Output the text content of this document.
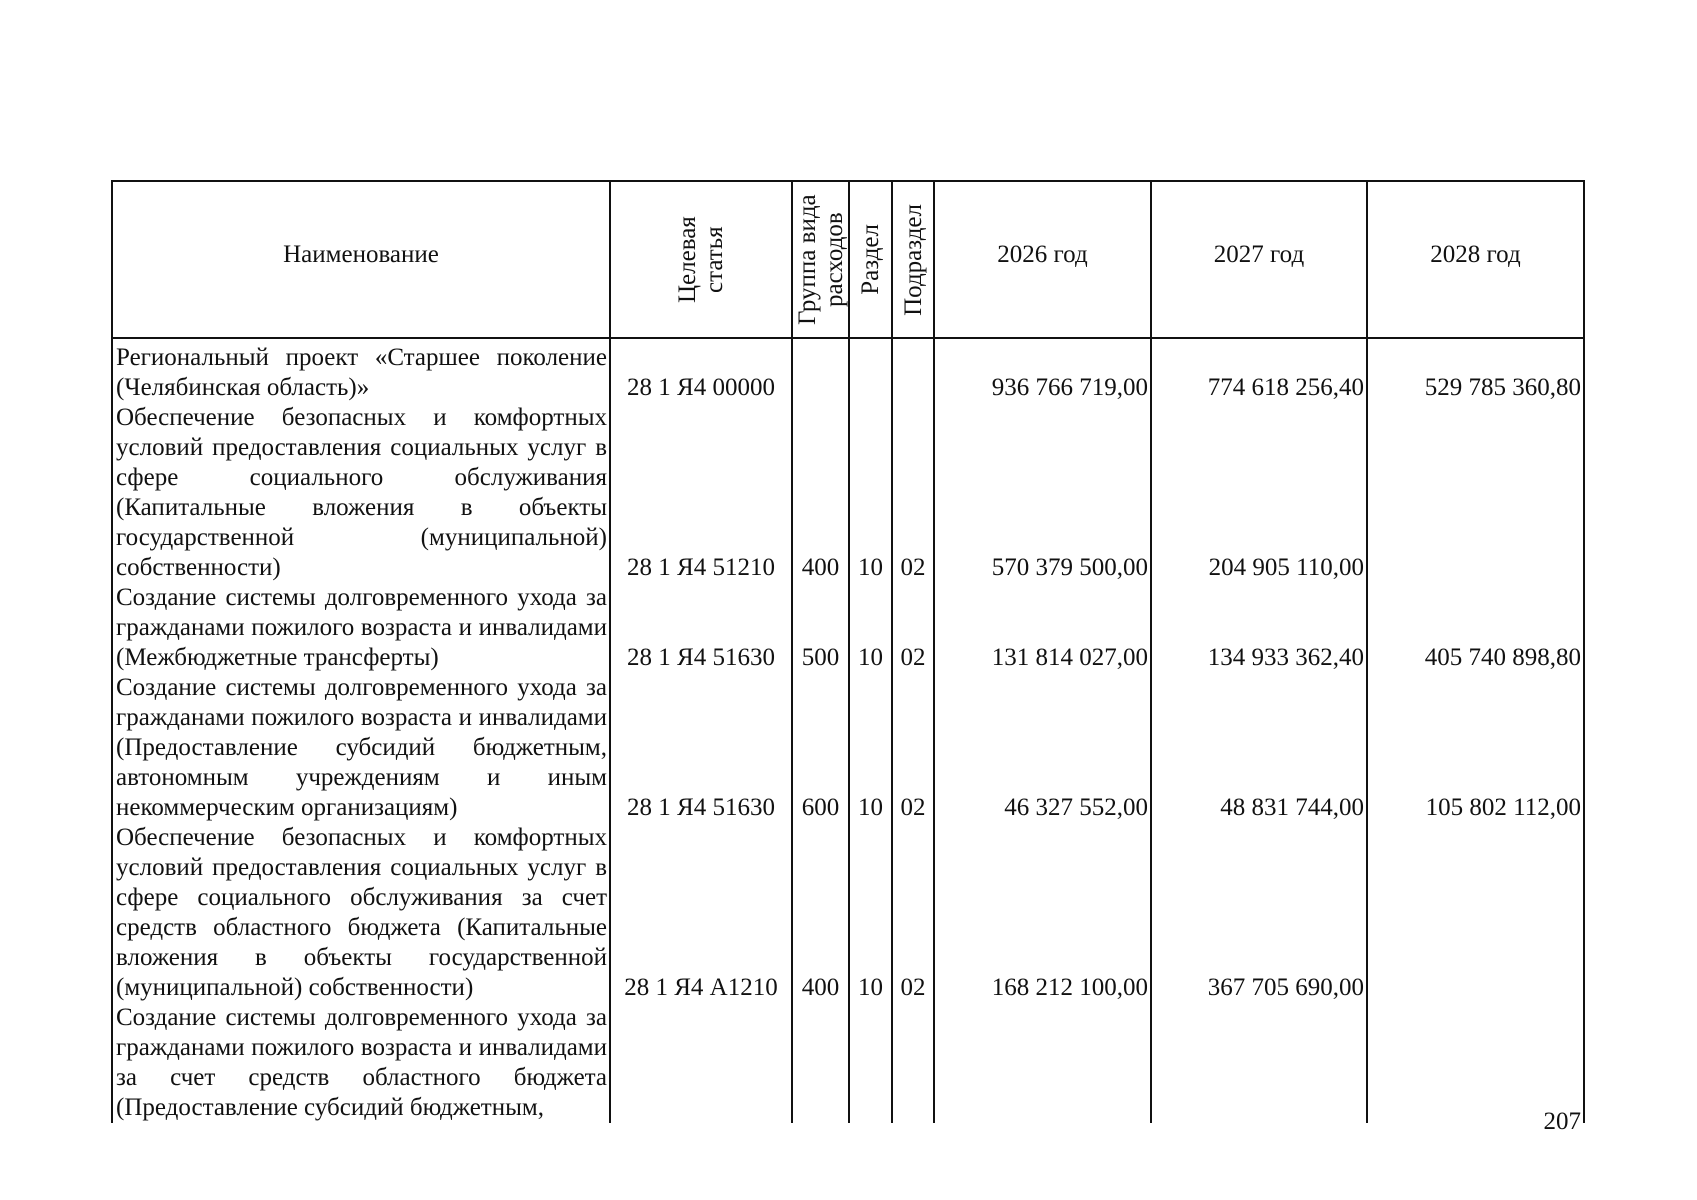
Наименование	Целевая статья	Группа вида расходов	Раздел	Подраздел	2026 год	2027 год	2028 год
Региональный проект «Старшее поколение (Челябинская область)»	28 1 Я4 00000				936 766 719,00	774 618 256,40	529 785 360,80
Обеспечение безопасных и комфортных условий предоставления социальных услуг в сфере социального обслуживания (Капитальные вложения в объекты государственной (муниципальной) собственности)	28 1 Я4 51210	400	10	02	570 379 500,00	204 905 110,00	
Создание системы долговременного ухода за гражданами пожилого возраста и инвалидами (Межбюджетные трансферты)	28 1 Я4 51630	500	10	02	131 814 027,00	134 933 362,40	405 740 898,80
Создание системы долговременного ухода за гражданами пожилого возраста и инвалидами (Предоставление субсидий бюджетным, автономным учреждениям и иным некоммерческим организациям)	28 1 Я4 51630	600	10	02	46 327 552,00	48 831 744,00	105 802 112,00
Обеспечение безопасных и комфортных условий предоставления социальных услуг в сфере социального обслуживания за счет средств областного бюджета (Капитальные вложения в объекты государственной (муниципальной) собственности)	28 1 Я4 А1210	400	10	02	168 212 100,00	367 705 690,00	
Создание системы долговременного ухода за гражданами пожилого возраста и инвалидами за счет средств областного бюджета (Предоставление субсидий бюджетным,							
207
